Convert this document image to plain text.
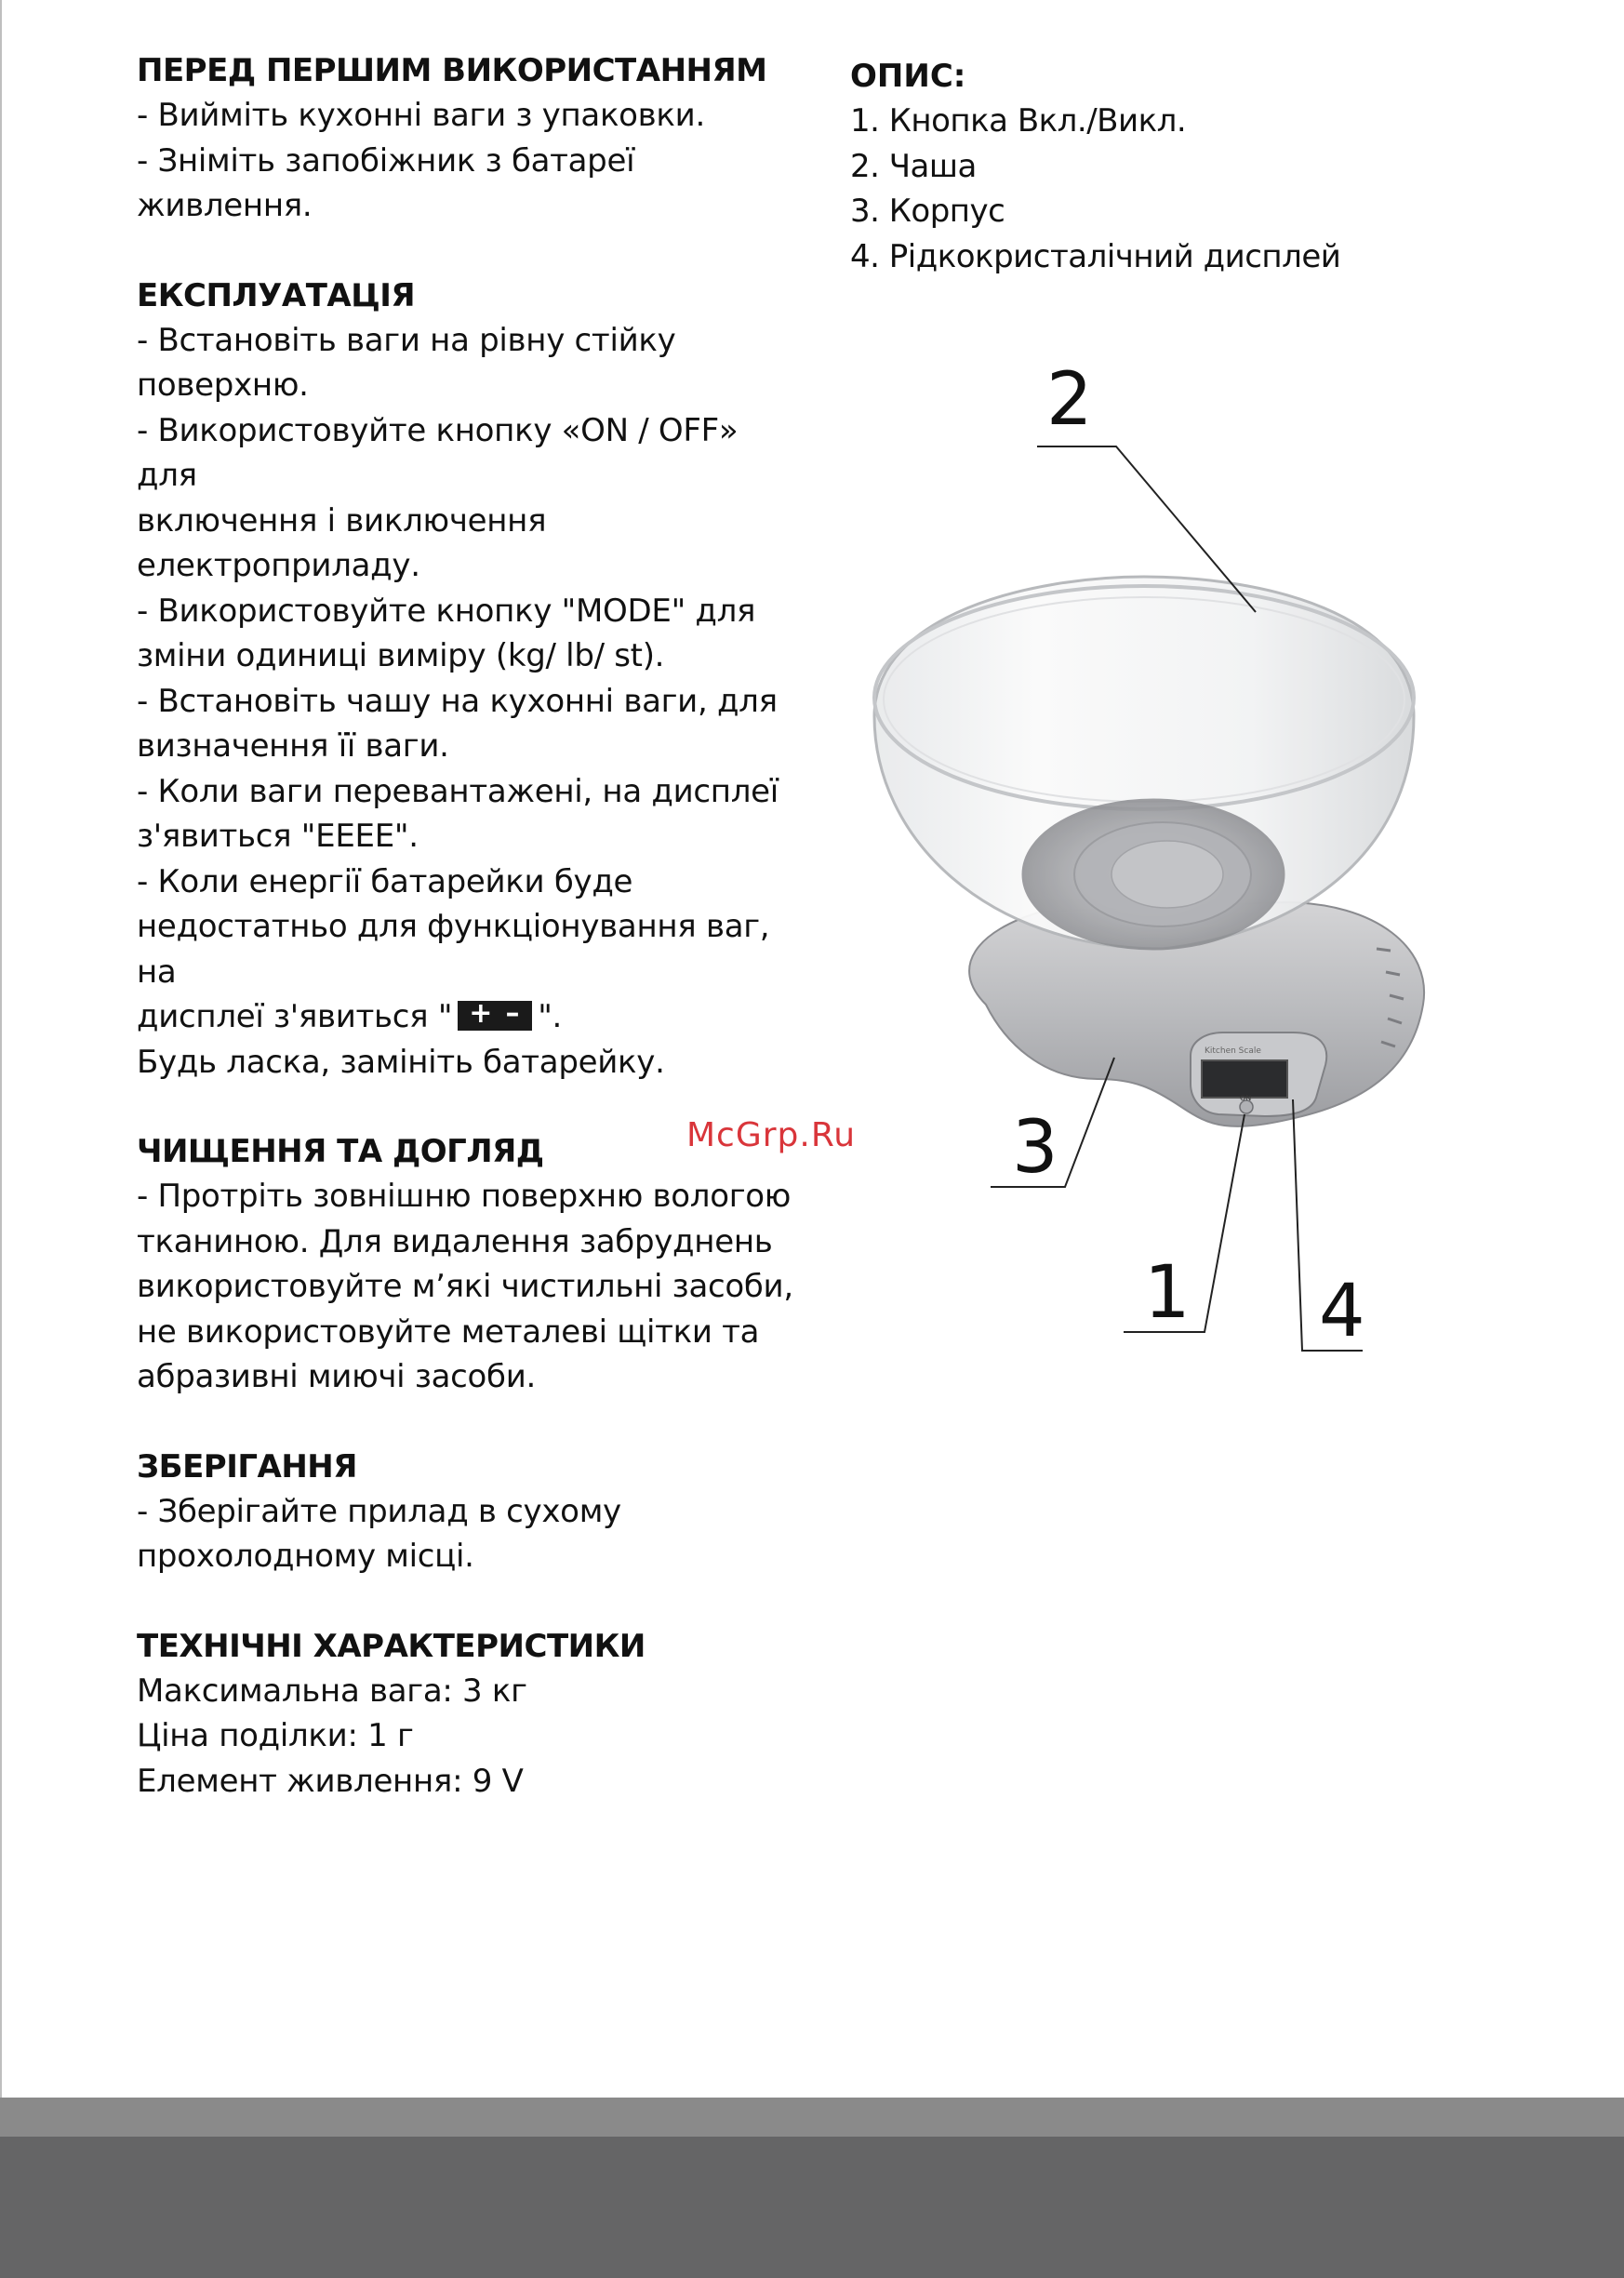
ПЕРЕД ПЕРШИМ ВИКОРИСТАННЯМ

- Вийміть кухонні ваги з упаковки.

- Зніміть запобіжник з батареї живлення.

ЕКСПЛУАТАЦІЯ

- Встановіть ваги на рівну стійку

поверхню.

- Використовуйте кнопку «ON / OFF» для

включення і виключення

електроприладу.

- Використовуйте кнопку "MODE" для

зміни одиниці виміру (kg/ lb/ st).

- Встановіть чашу на кухонні ваги, для

визначення її ваги.

- Коли ваги перевантажені, на дисплеї

з'явиться "EEEE".

- Коли енергії батарейки буде

недостатньо для функціонування ваг, на

дисплеї з'явиться " + – ".

Будь ласка, замініть батарейку.

ЧИЩЕННЯ ТА ДОГЛЯД

- Протріть зовнішню поверхню вологою

тканиною. Для видалення забруднень

використовуйте м’які чистильні засоби,

не використовуйте металеві щітки та

абразивні миючі засоби.

ЗБЕРІГАННЯ

- Зберігайте прилад в сухому

прохолодному місці.

ТЕХНІЧНІ ХАРАКТЕРИСТИКИ

Максимальна вага: 3 кг

Ціна поділки: 1 г

Елемент живлення: 9 V

ОПИС:
1. Кнопка Вкл./Викл.
2. Чаша
3. Корпус
4. Рідкокристалічний дисплей
Kitchen Scale
ON
2
3
1 4
McGrp.Ru
